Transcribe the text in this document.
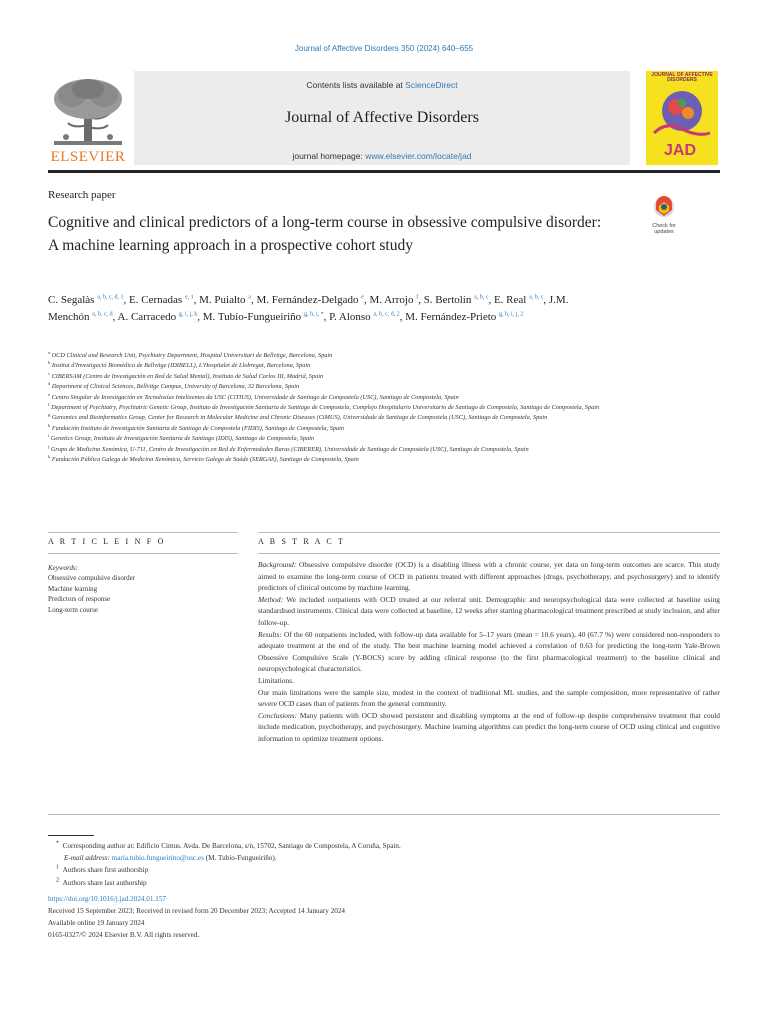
Journal of Affective Disorders 350 (2024) 640–655
ELSEVIER
Contents lists available at ScienceDirect
Journal of Affective Disorders
journal homepage: www.elsevier.com/locate/jad
JOURNAL OF AFFECTIVE DISORDERS
JAD
Research paper
Cognitive and clinical predictors of a long-term course in obsessive compulsive disorder: A machine learning approach in a prospective cohort study
Check for
updates
C. Segalàs $^{a, b, c, d, 1}$, E. Cernadas $^{e, 1}$, M. Puialto $^a$, M. Fernández-Delgado $^e$, M. Arrojo $^f$, S. Bertolín $^{a, b, c}$, E. Real $^{a, b, c}$, J.M. Menchón $^{a, b, c, d}$, A. Carracedo $^{g, i, j, k}$, M. Tubío-Fungueiriño $^{g, h, i, *}$, P. Alonso $^{a, b, c, d, 2}$, M. Fernández-Prieto $^{g, h, i, j, 2}$
$^a$ OCD Clinical and Research Unit, Psychiatry Department, Hospital Universitari de Bellvitge, Barcelona, Spain
$^b$ Institut d'Investigació Biomèdica de Bellvitge (IDIBELL), L'Hospitalet de Llobregat, Barcelona, Spain
$^c$ CIBERSAM (Centro de Investigación en Red de Salud Mental), Instituto de Salud Carlos III, Madrid, Spain
$^d$ Department of Clinical Sciences, Bellvitge Campus, University of Barcelona, 32 Barcelona, Spain
$^e$ Centro Singular de Investigación en Tecnoloxías Intelixentes da USC (CiTIUS), Universidade de Santiago de Compostela (USC), Santiago de Compostela, Spain
$^f$ Department of Psychiatry, Psychiatric Genetic Group, Instituto de Investigación Sanitaria de Santiago de Compostela, Complejo Hospitalario Universitario de Santiago de Compostela, Santiago de Compostela, Spain
$^g$ Genomics and Bioinformatics Group, Center for Research in Molecular Medicine and Chronic Diseases (CiMUS), Universidade de Santiago de Compostela (USC), Santiago de Compostela, Spain
$^h$ Fundación Instituto de Investigación Sanitaria de Santiago de Compostela (FIDIS), Santiago de Compostela, Spain
$^i$ Genetics Group, Instituto de Investigación Sanitaria de Santiago (IDIS), Santiago de Compostela, Spain
$^j$ Grupo de Medicina Xenómica, U-711, Centro de Investigación en Red de Enfermedades Raras (CIBERER), Universidade de Santiago de Compostela (USC), Santiago de Compostela, Spain
$^k$ Fundación Pública Galega de Medicina Xenómica, Servicio Galego de Saúde (SERGAS), Santiago de Compostela, Spain
A R T I C L E I N F O	A B S T R A C T
Keywords:
Obsessive compulsive disorder
Machine learning
Predictors of response
Long-term course
Background: Obsessive compulsive disorder (OCD) is a disabling illness with a chronic course, yet data on long-term outcomes are scarce. This study aimed to examine the long-term course of OCD in patients treated with different approaches (drugs, psychotherapy, and psychosurgery) and to identify predictors of clinical outcome by machine learning.
Method: We included outpatients with OCD treated at our referral unit. Demographic and neuropsychological data were collected at baseline using standardised instruments. Clinical data were collected at baseline, 12 weeks after starting pharmacological treatment prescribed at study inclusion, and after follow-up.
Results: Of the 60 outpatients included, with follow-up data available for 5–17 years (mean = 10.6 years), 40 (67.7 %) were considered non-responders to adequate treatment at the end of the study. The best machine learning model achieved a correlation of 0.63 for predicting the long-term Yale-Brown Obsessive Compulsive Scale (Y-BOCS) score by adding clinical response (to the first pharmacological treatment) to the baseline clinical and neuropsychological characteristics.
Limitations.
Our main limitations were the sample size, modest in the context of traditional ML studies, and the sample composition, more representative of rather severe OCD cases than of patients from the general community.
Conclusions: Many patients with OCD showed persistent and disabling symptoms at the end of follow-up despite comprehensive treatment that could include medication, psychotherapy, and psychosurgery. Machine learning algorithms can predict the long-term course of OCD using clinical and cognitive information to optimize treatment options.
* Corresponding author at: Edificio Cimus. Avda. De Barcelona, s/n, 15702, Santiago de Compostela, A Coruña, Spain.
E-mail address: maria.tubio.fungueirino@usc.es (M. Tubío-Fungueiriño).
$^1$ Authors share first authorship
$^2$ Authors share last authorship
https://doi.org/10.1016/j.jad.2024.01.157
Received 15 September 2023; Received in revised form 20 December 2023; Accepted 14 January 2024
Available online 19 January 2024
0165-0327/© 2024 Elsevier B.V. All rights reserved.
